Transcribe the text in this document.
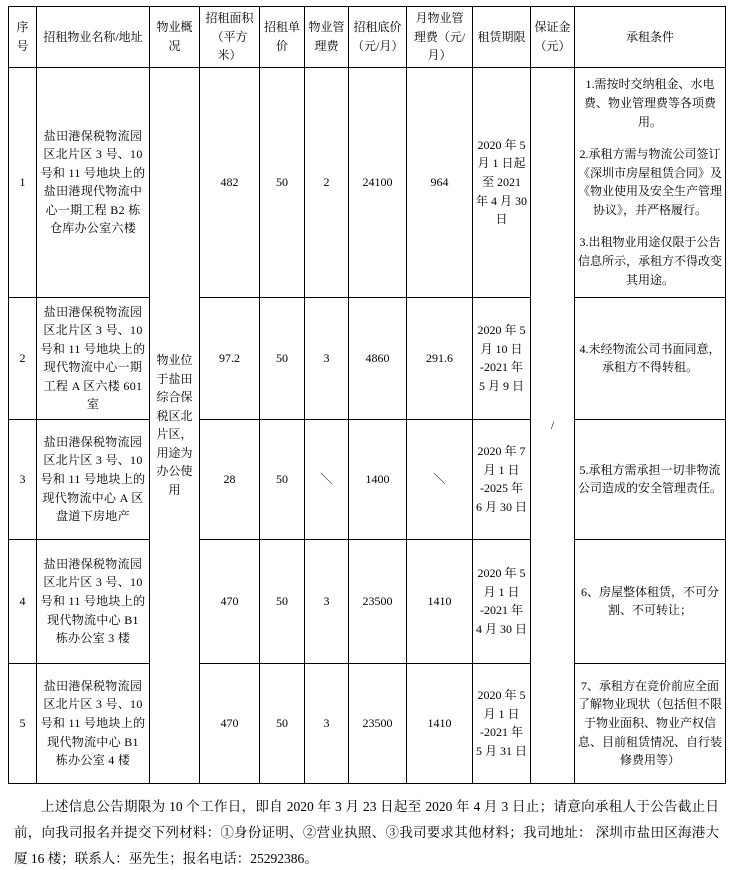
序号	招租物业名称/地址	物业概况	招租面积（平方米）	招租单价	物业管理费	招租底价（元/月）	月物业管理费（元/月）	租赁期限	保证金（元）	承租条件
1	盐田港保税物流园区北片区 3 号、10 号和 11 号地块上的盐田港现代物流中心一期工程 B2 栋仓库办公室六楼	物业位于盐田综合保税区北片区，用途为办公使用	482	50	2	24100	964	2020 年 5 月 1 日起至 2021 年 4 月 30 日	/	1.需按时交纳租金、水电费、物业管理费等各项费用。
2.承租方需与物流公司签订《深圳市房屋租赁合同》及《物业使用及安全生产管理协议》，并严格履行。
3.出租物业用途仅限于公告信息所示，承租方不得改变其用途。

2	盐田港保税物流园区北片区 3 号、10 号和 11 号地块上的现代物流中心一期工程 A 区六楼 601 室		97.2	50	3	4860	291.6	2020 年 5 月 10 日 -2021 年 5 月 9 日		4.未经物流公司书面同意，承租方不得转租。
3	盐田港保税物流园区北片区 3 号、10 号和 11 号地块上的现代物流中心 A 区盘道下房地产		28	50	＼	1400	＼	2020 年 7 月 1 日 -2025 年 6 月 30 日		5.承租方需承担一切非物流公司造成的安全管理责任。
4	盐田港保税物流园区北片区 3 号、10 号和 11 号地块上的现代物流中心 B1 栋办公室 3 楼		470	50	3	23500	1410	2020 年 5 月 1 日 -2021 年 4 月 30 日		6、房屋整体租赁，不可分割、不可转让；
5	盐田港保税物流园区北片区 3 号、10 号和 11 号地块上的现代物流中心 B1 栋办公室 4 楼		470	50	3	23500	1410	2020 年 5 月 1 日 -2021 年 5 月 31 日		7、承租方在竞价前应全面了解物业现状（包括但不限于物业面积、物业产权信息、目前租赁情况、自行装修费用等）
上述信息公告期限为 10 个工作日，即自 2020 年 3 月 23 日起至 2020 年 4 月 3 日止；请意向承租人于公告截止日前，向我司报名并提交下列材料：①身份证明、②营业执照、③我司要求其他材料；我司地址： 深圳市盐田区海港大厦 16 楼；联系人：巫先生；报名电话：25292386。
